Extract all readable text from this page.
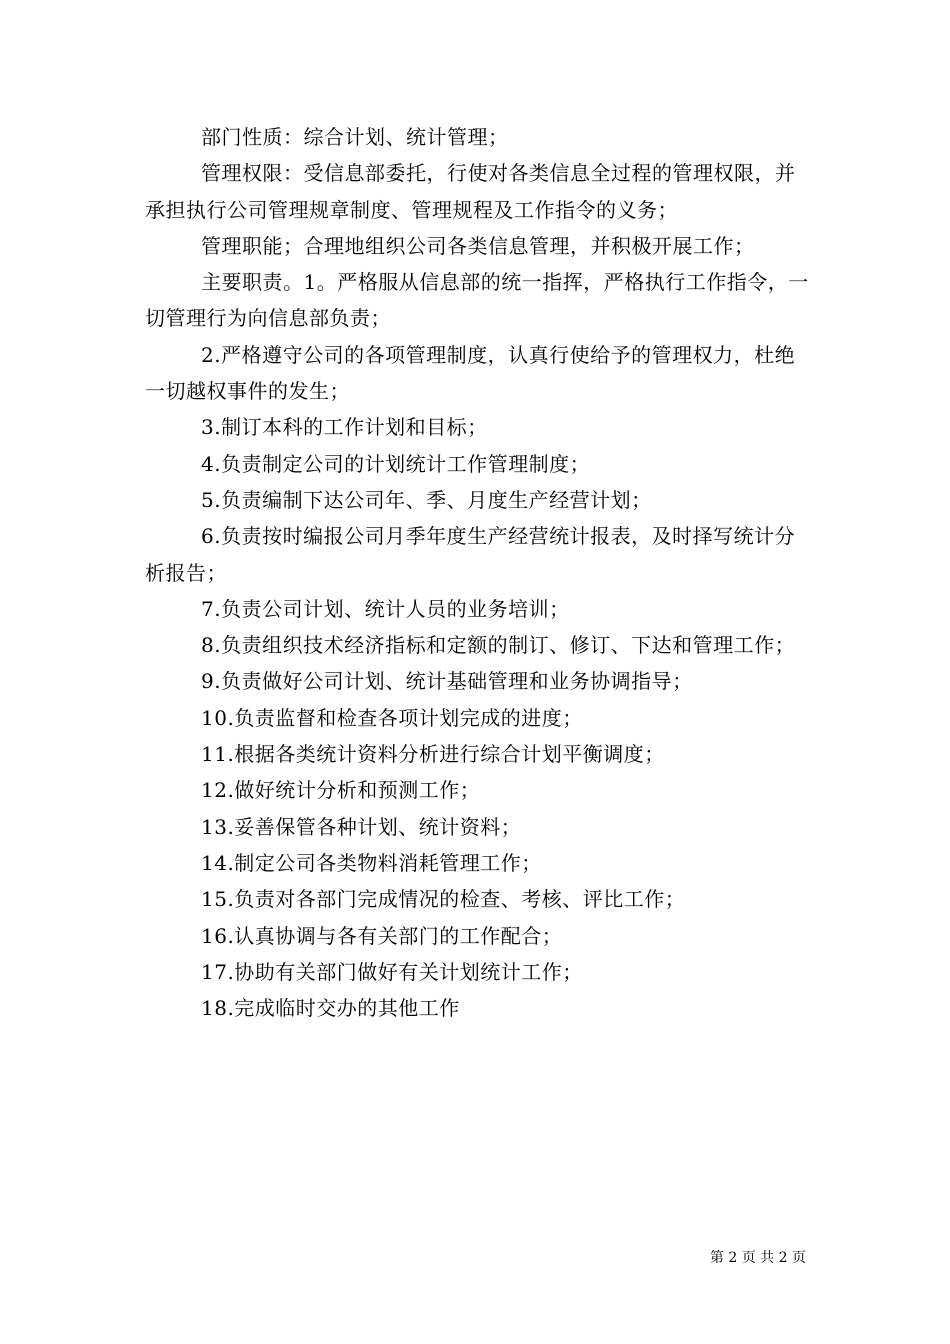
部门性质：综合计划、统计管理；

管理权限：受信息部委托，行使对各类信息全过程的管理权限，并承担执行公司管理规章制度、管理规程及工作指令的义务；

管理职能；合理地组织公司各类信息管理，并积极开展工作；

主要职责。1。严格服从信息部的统一指挥，严格执行工作指令，一切管理行为向信息部负责；

2.严格遵守公司的各项管理制度，认真行使给予的管理权力，杜绝一切越权事件的发生；

3.制订本科的工作计划和目标；

4.负责制定公司的计划统计工作管理制度；

5.负责编制下达公司年、季、月度生产经营计划；

6.负责按时编报公司月季年度生产经营统计报表，及时择写统计分析报告；

7.负责公司计划、统计人员的业务培训；

8.负责组织技术经济指标和定额的制订、修订、下达和管理工作；

9.负责做好公司计划、统计基础管理和业务协调指导；

10.负责监督和检查各项计划完成的进度；

11.根据各类统计资料分析进行综合计划平衡调度；

12.做好统计分析和预测工作；

13.妥善保管各种计划、统计资料；

14.制定公司各类物料消耗管理工作；

15.负责对各部门完成情况的检查、考核、评比工作；

16.认真协调与各有关部门的工作配合；

17.协助有关部门做好有关计划统计工作；

18.完成临时交办的其他工作

第 2 页 共 2 页
